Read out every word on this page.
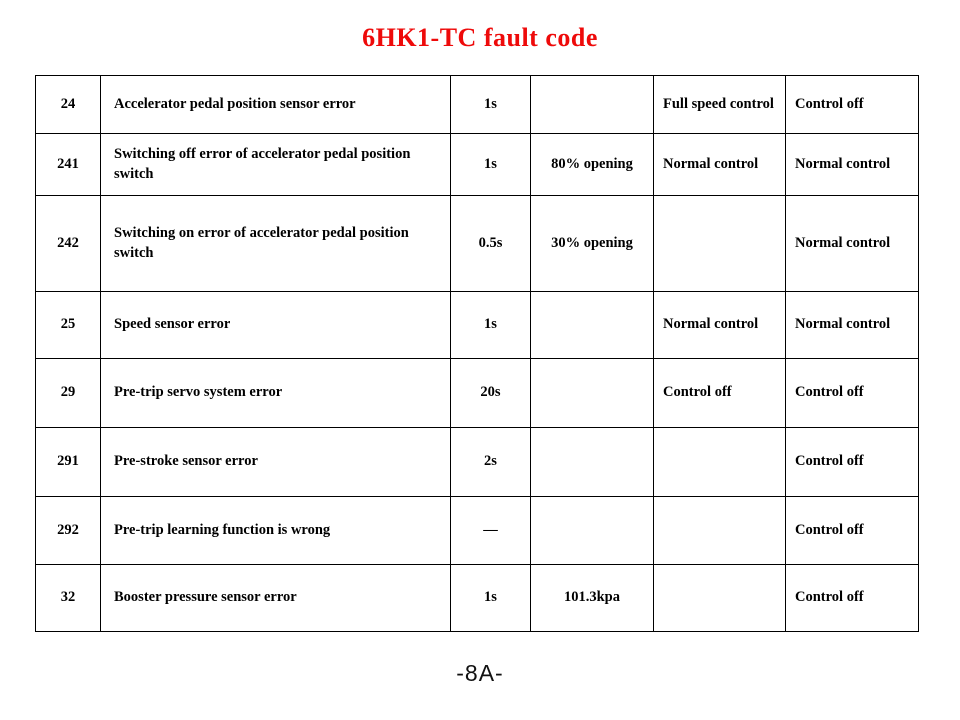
6HK1-TC fault code
24	Accelerator pedal position sensor error	1s		Full speed control	Control off
241	Switching off error of accelerator pedal position switch	1s	80% opening	Normal control	Normal control
242	Switching on error of accelerator pedal position switch	0.5s	30% opening		Normal control
25	Speed sensor error	1s		Normal control	Normal control
29	Pre-trip servo system error	20s		Control off	Control off
291	Pre-stroke sensor error	2s			Control off
292	Pre-trip learning function is wrong	—			Control off
32	Booster pressure sensor error	1s	101.3kpa		Control off
-8A-
